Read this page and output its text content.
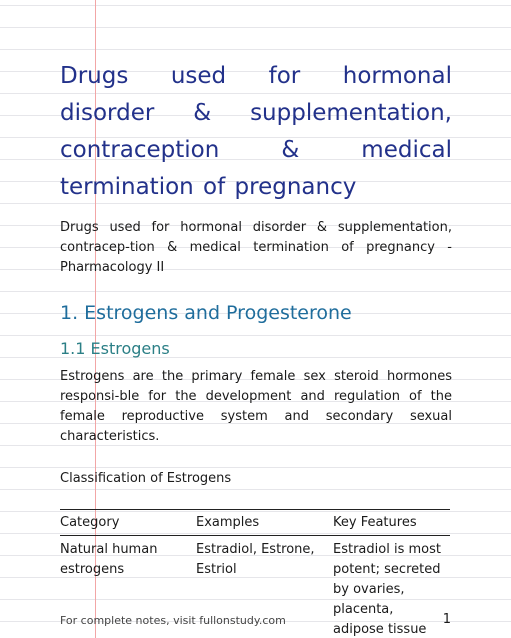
Drugs used for hormonal disorder & supplementation, contraception & medical termination of pregnancy

Drugs used for hormonal disorder & supplementation, contracep-tion & medical termination of pregnancy - Pharmacology II

1. Estrogens and Progesterone
1.1 Estrogens

Estrogens are the primary female sex steroid hormones responsi-ble for the development and regulation of the female reproductive system and secondary sexual characteristics.

Classification of Estrogens

Category	Examples	Key Features
Natural human estrogens	Estradiol, Estrone, Estriol	Estradiol is most potent; secreted by ovaries, placenta, adipose tissue
For complete notes, visit fullonstudy.com	1
